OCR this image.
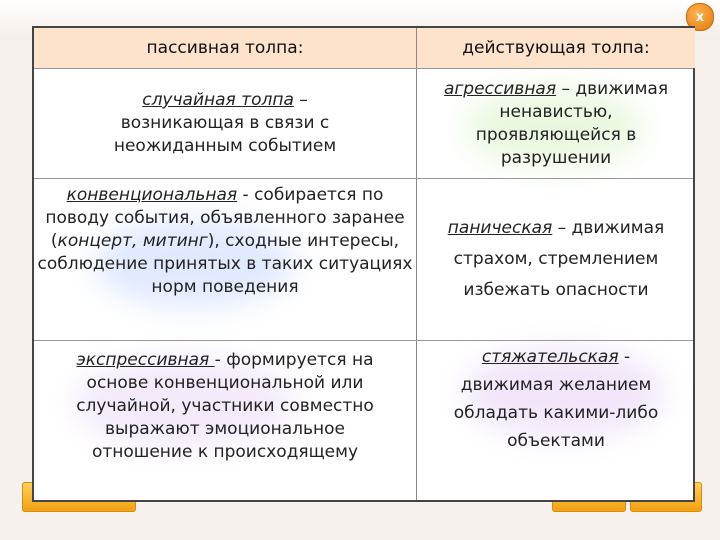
x
пассивная толпа:	действующая толпа:
случайная толпа – возникающая в связи с неожиданным событием
агрессивная – движимая ненавистью, проявляющейся в разрушении
конвенциональная - собирается по поводу события, объявленного заранее (концерт, митинг), сходные интересы, соблюдение принятых в таких ситуациях норм поведения
паническая – движимая страхом, стремлением избежать опасности
экспрессивная - формируется на основе конвенциональной или случайной, участники совместно выражают эмоциональное отношение к происходящему
стяжательская - движимая желанием обладать какими-либо объектами
